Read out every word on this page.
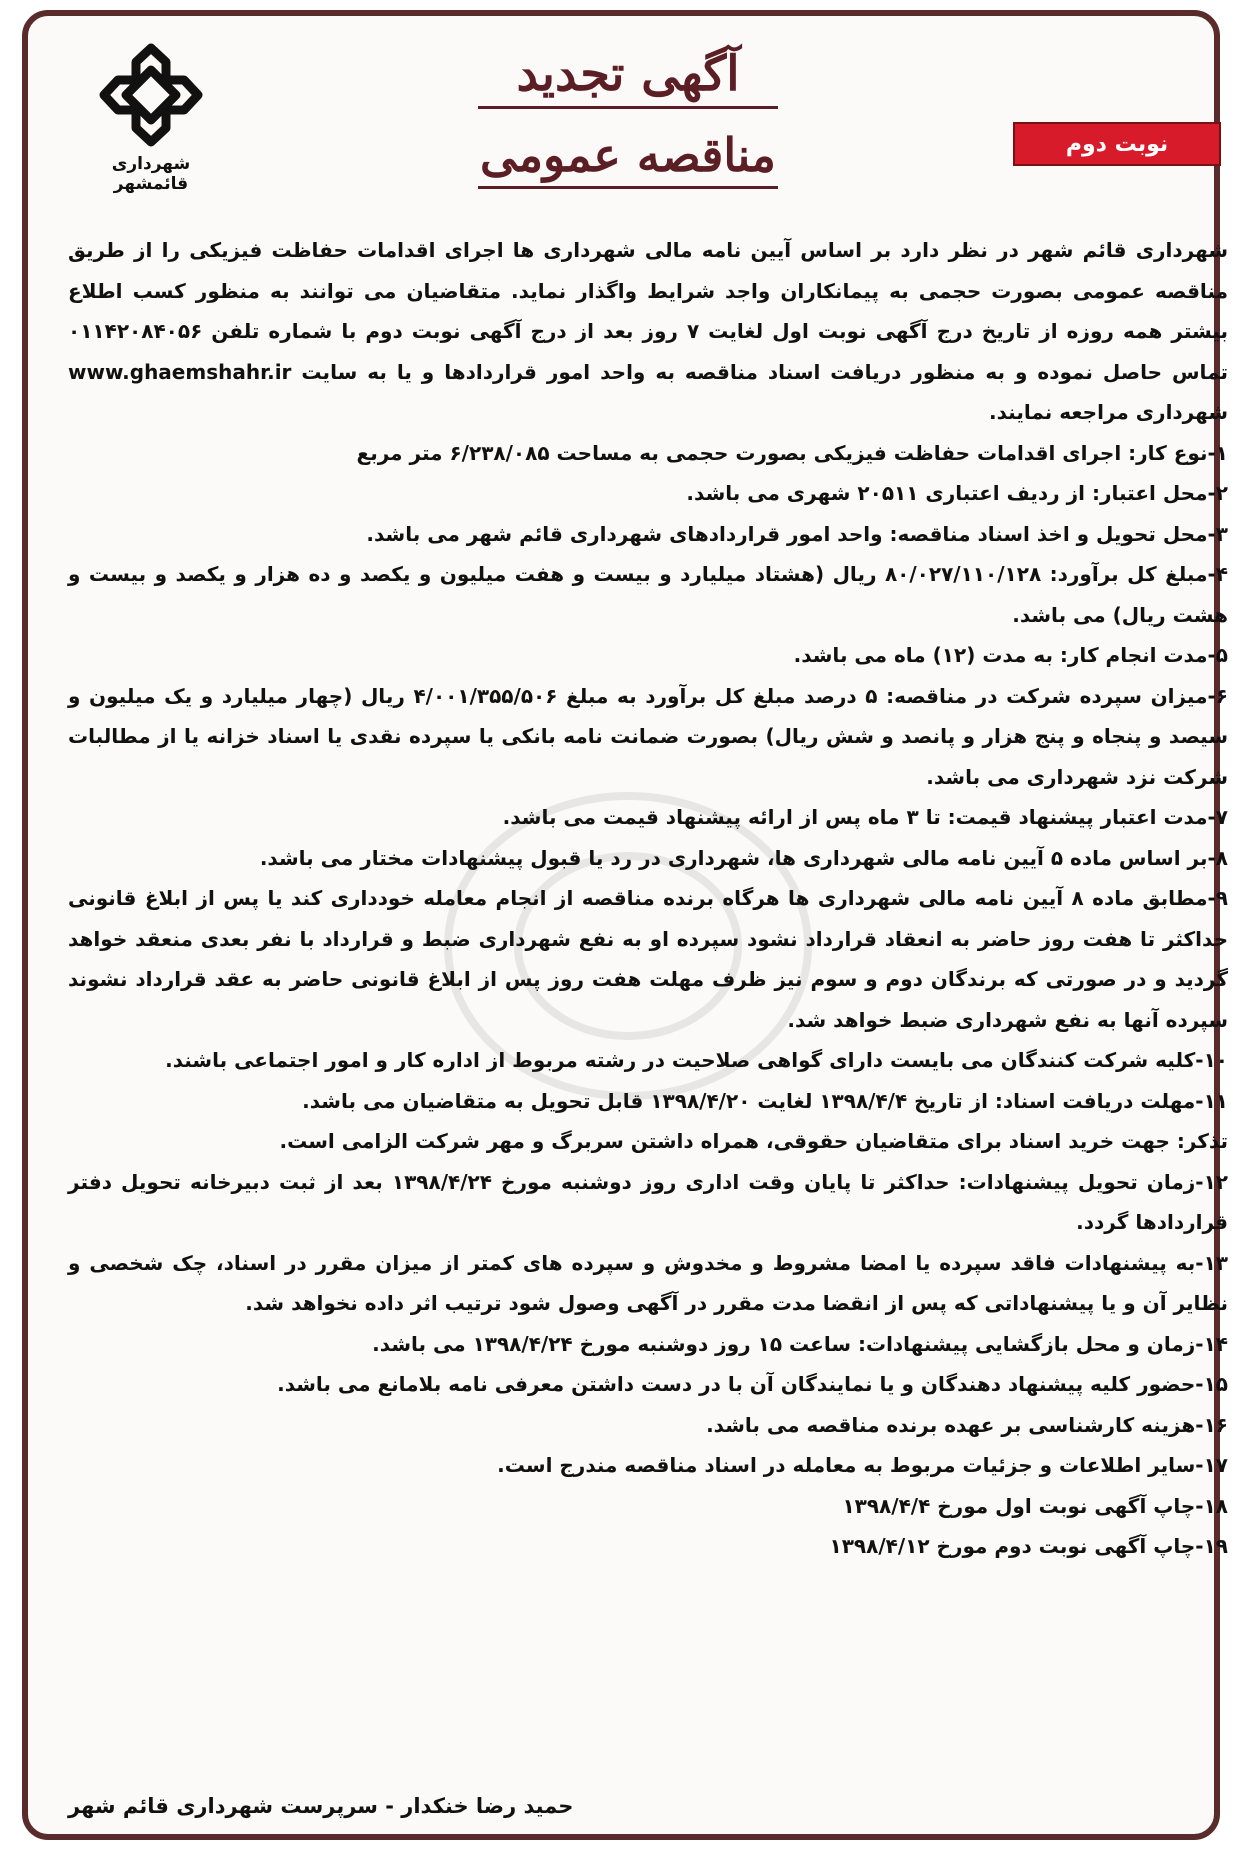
شهرداری قائمشهر
آگهی تجدید
مناقصه عمومی	نوبت دوم

شهرداری قائم شهر در نظر دارد بر اساس آیین نامه مالی شهرداری ها اجرای اقدامات حفاظت فیزیکی را از طریق مناقصه عمومی بصورت حجمی به پیمانکاران واجد شرایط واگذار نماید. متقاضیان می توانند به منظور کسب اطلاع بیشتر همه روزه از تاریخ درج آگهی نوبت اول لغایت ۷ روز بعد از درج آگهی نوبت دوم با شماره تلفن ۰۱۱۴۲۰۸۴۰۵۶ تماس حاصل نموده و به منظور دریافت اسناد مناقصه به واحد امور قراردادها و یا به سایت www.ghaemshahr.ir شهرداری مراجعه نمایند.

۱-نوع کار: اجرای اقدامات حفاظت فیزیکی بصورت حجمی به مساحت ۶/۲۳۸/۰۸۵ متر مربع

۲-محل اعتبار: از ردیف اعتباری ۲۰۵۱۱ شهری می باشد.

۳-محل تحویل و اخذ اسناد مناقصه: واحد امور قراردادهای شهرداری قائم شهر می باشد.

۴-مبلغ کل برآورد: ۸۰/۰۲۷/۱۱۰/۱۲۸ ریال (هشتاد میلیارد و بیست و هفت میلیون و یکصد و ده هزار و یکصد و بیست و هشت ریال) می باشد.

۵-مدت انجام کار: به مدت (۱۲) ماه می باشد.

۶-میزان سپرده شرکت در مناقصه: ۵ درصد مبلغ کل برآورد به مبلغ ۴/۰۰۱/۳۵۵/۵۰۶ ریال (چهار میلیارد و یک میلیون و سیصد و پنجاه و پنج هزار و پانصد و شش ریال) بصورت ضمانت نامه بانکی یا سپرده نقدی یا اسناد خزانه یا از مطالبات شرکت نزد شهرداری می باشد.

۷-مدت اعتبار پیشنهاد قیمت: تا ۳ ماه پس از ارائه پیشنهاد قیمت می باشد.

۸-بر اساس ماده ۵ آیین نامه مالی شهرداری ها، شهرداری در رد یا قبول پیشنهادات مختار می باشد.

۹-مطابق ماده ۸ آیین نامه مالی شهرداری ها هرگاه برنده مناقصه از انجام معامله خودداری کند یا پس از ابلاغ قانونی حداکثر تا هفت روز حاضر به انعقاد قرارداد نشود سپرده او به نفع شهرداری ضبط و قرارداد با نفر بعدی منعقد خواهد گردید و در صورتی که برندگان دوم و سوم نیز ظرف مهلت هفت روز پس از ابلاغ قانونی حاضر به عقد قرارداد نشوند سپرده آنها به نفع شهرداری ضبط خواهد شد.

۱۰-کلیه شرکت کنندگان می بایست دارای گواهی صلاحیت در رشته مربوط از اداره کار و امور اجتماعی باشند.

۱۱-مهلت دریافت اسناد: از تاریخ ۱۳۹۸/۴/۴ لغایت ۱۳۹۸/۴/۲۰ قابل تحویل به متقاضیان می باشد.

تذکر: جهت خرید اسناد برای متقاضیان حقوقی، همراه داشتن سربرگ و مهر شرکت الزامی است.

۱۲-زمان تحویل پیشنهادات: حداکثر تا پایان وقت اداری روز دوشنبه مورخ ۱۳۹۸/۴/۲۴ بعد از ثبت دبیرخانه تحویل دفتر قراردادها گردد.

۱۳-به پیشنهادات فاقد سپرده یا امضا مشروط و مخدوش و سپرده های کمتر از میزان مقرر در اسناد، چک شخصی و نظایر آن و یا پیشنهاداتی که پس از انقضا مدت مقرر در آگهی وصول شود ترتیب اثر داده نخواهد شد.

۱۴-زمان و محل بازگشایی پیشنهادات: ساعت ۱۵ روز دوشنبه مورخ ۱۳۹۸/۴/۲۴ می باشد.

۱۵-حضور کلیه پیشنهاد دهندگان و یا نمایندگان آن با در دست داشتن معرفی نامه بلامانع می باشد.

۱۶-هزینه کارشناسی بر عهده برنده مناقصه می باشد.

۱۷-سایر اطلاعات و جزئیات مربوط به معامله در اسناد مناقصه مندرج است.

۱۸-چاپ آگهی نوبت اول مورخ ۱۳۹۸/۴/۴

۱۹-چاپ آگهی نوبت دوم مورخ ۱۳۹۸/۴/۱۲

حمید رضا خنکدار - سرپرست شهرداری قائم شهر
